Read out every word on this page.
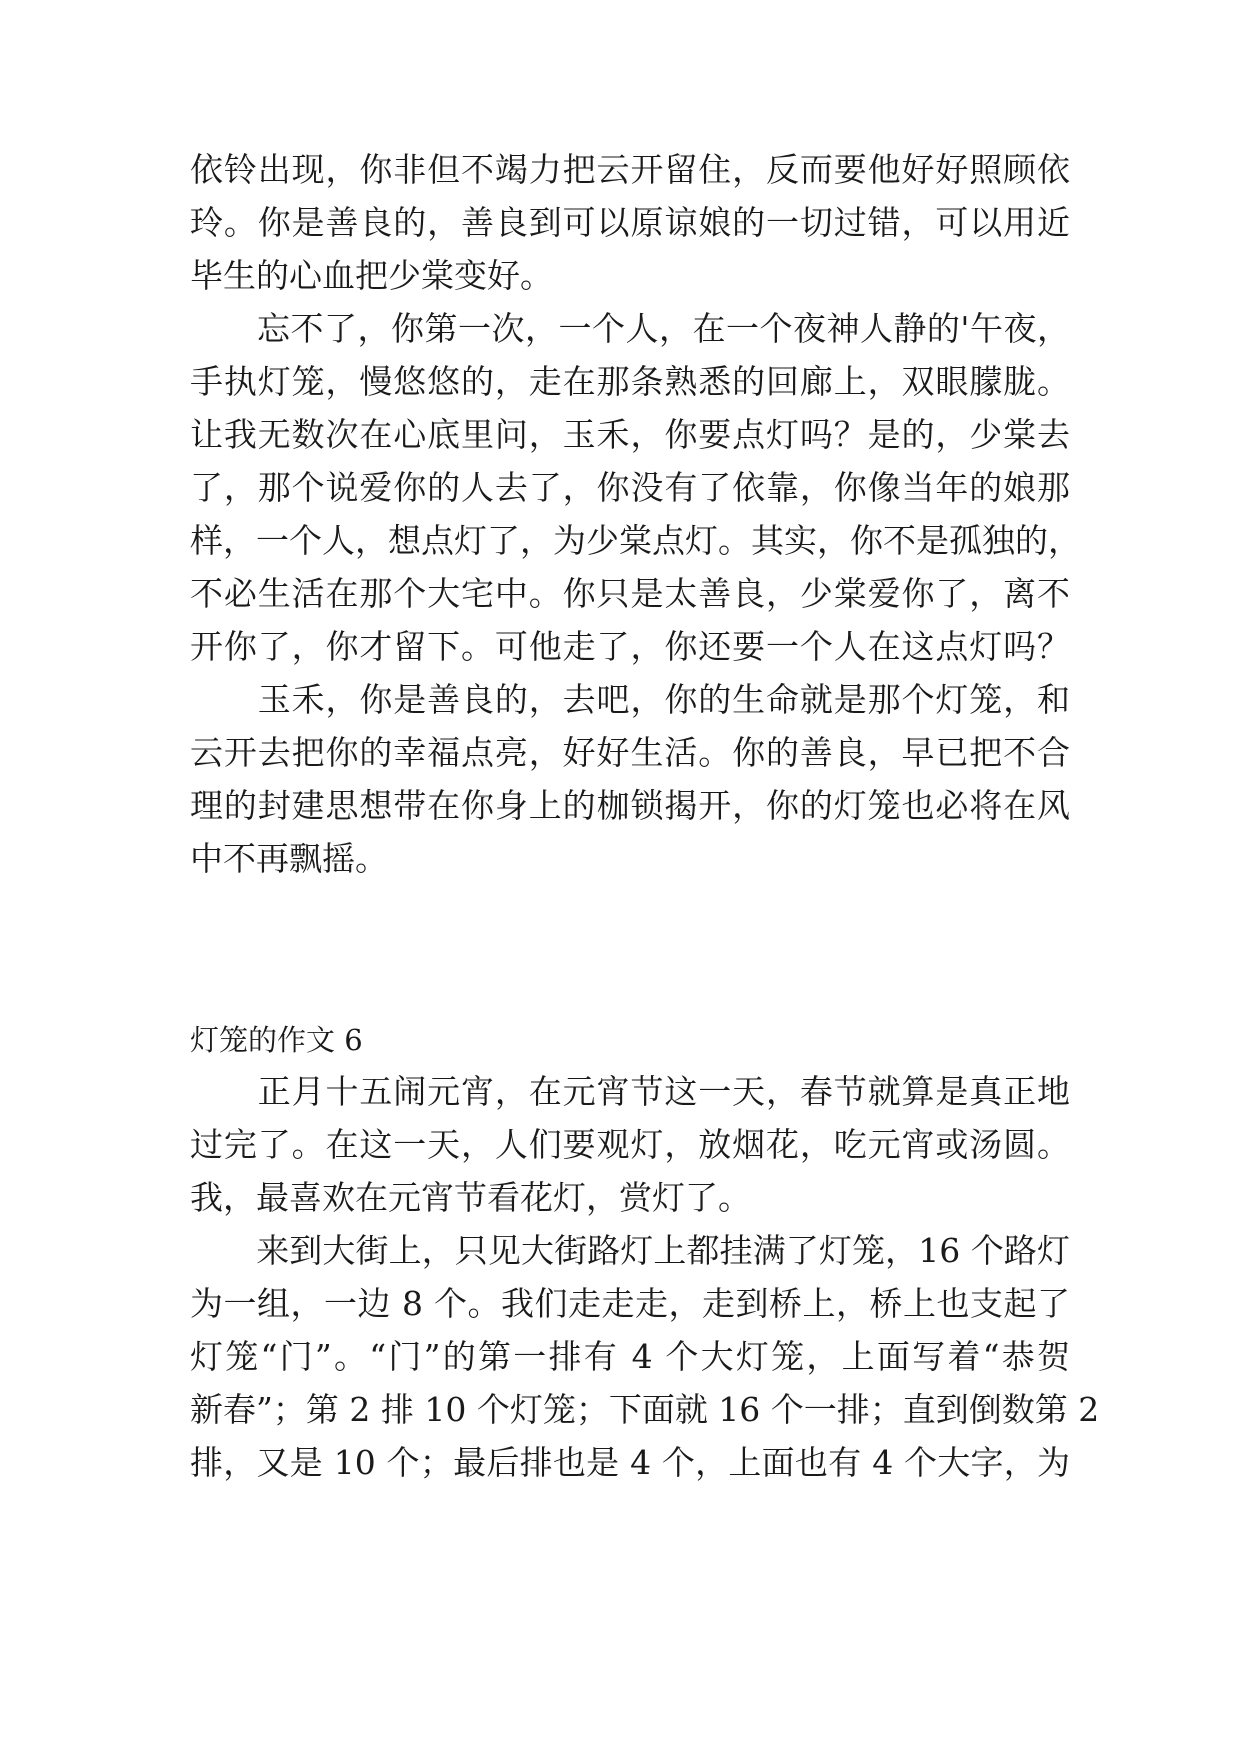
依铃出现，你非但不竭力把云开留住，反而要他好好照顾依
玲。你是善良的，善良到可以原谅娘的一切过错，可以用近
毕生的心血把少棠变好。
　　忘不了，你第一次，一个人，在一个夜神人静的'午夜，
手执灯笼，慢悠悠的，走在那条熟悉的回廊上，双眼朦胧。
让我无数次在心底里问，玉禾，你要点灯吗？是的，少棠去
了，那个说爱你的人去了，你没有了依靠，你像当年的娘那
样，一个人，想点灯了，为少棠点灯。其实，你不是孤独的，
不必生活在那个大宅中。你只是太善良，少棠爱你了，离不
开你了，你才留下。可他走了，你还要一个人在这点灯吗？
　　玉禾，你是善良的，去吧，你的生命就是那个灯笼，和
云开去把你的幸福点亮，好好生活。你的善良，早已把不合
理的封建思想带在你身上的枷锁揭开，你的灯笼也必将在风
中不再飘摇。
灯笼的作文 6
　　正月十五闹元宵，在元宵节这一天，春节就算是真正地
过完了。在这一天，人们要观灯，放烟花，吃元宵或汤圆。
我，最喜欢在元宵节看花灯，赏灯了。
　　来到大街上，只见大街路灯上都挂满了灯笼，16 个路灯
为一组，一边 8 个。我们走走走，走到桥上，桥上也支起了
灯笼“门”。“门”的第一排有 4 个大灯笼，上面写着“恭贺
新春”；第 2 排 10 个灯笼；下面就 16 个一排；直到倒数第 2
排，又是 10 个；最后排也是 4 个，上面也有 4 个大字，为
